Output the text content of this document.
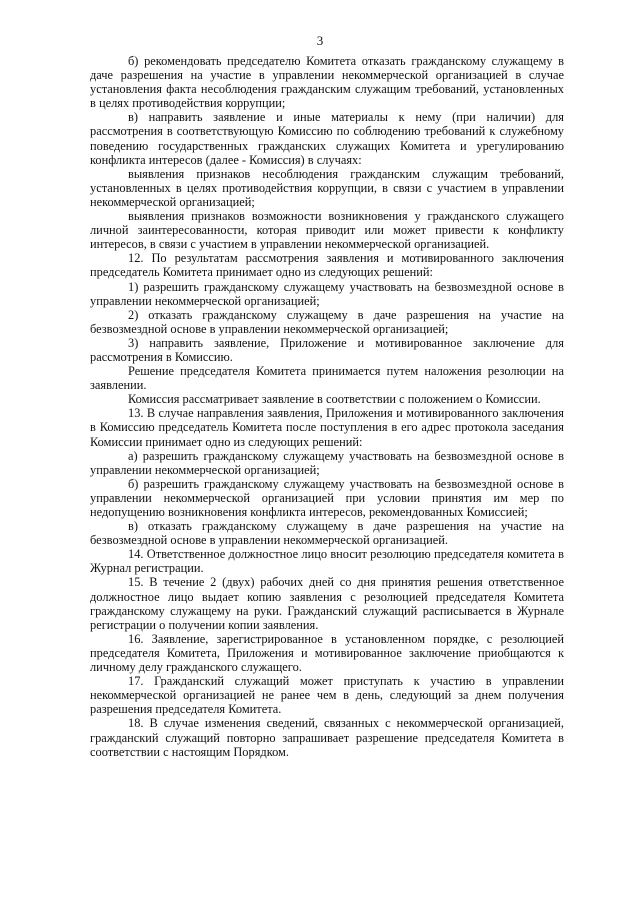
3

б) рекомендовать председателю Комитета отказать гражданскому служащему в даче разрешения на участие в управлении некоммерческой организацией в случае установления факта несоблюдения гражданским служащим требований, установленных в целях противодействия коррупции;

в) направить заявление и иные материалы к нему (при наличии) для рассмотрения в соответствующую Комиссию по соблюдению требований к служебному поведению государственных гражданских служащих Комитета и урегулированию конфликта интересов (далее - Комиссия) в случаях:

выявления признаков несоблюдения гражданским служащим требований, установленных в целях противодействия коррупции, в связи с участием в управлении некоммерческой организацией;

выявления признаков возможности возникновения у гражданского служащего личной заинтересованности, которая приводит или может привести к конфликту интересов, в связи с участием в управлении некоммерческой организацией.

12. По результатам рассмотрения заявления и мотивированного заключения председатель Комитета принимает одно из следующих решений:

1) разрешить гражданскому служащему участвовать на безвозмездной основе в управлении некоммерческой организацией;

2) отказать гражданскому служащему в даче разрешения на участие на безвозмездной основе в управлении некоммерческой организацией;

3) направить заявление, Приложение и мотивированное заключение для рассмотрения в Комиссию.

Решение председателя Комитета принимается путем наложения резолюции на заявлении.

Комиссия рассматривает заявление в соответствии с положением о Комиссии.

13. В случае направления заявления, Приложения и мотивированного заключения в Комиссию председатель Комитета после поступления в его адрес протокола заседания Комиссии принимает одно из следующих решений:

а) разрешить гражданскому служащему участвовать на безвозмездной основе в управлении некоммерческой организацией;

б) разрешить гражданскому служащему участвовать на безвозмездной основе в управлении некоммерческой организацией при условии принятия им мер по недопущению возникновения конфликта интересов, рекомендованных Комиссией;

в) отказать гражданскому служащему в даче разрешения на участие на безвозмездной основе в управлении некоммерческой организацией.

14. Ответственное должностное лицо вносит резолюцию председателя комитета в Журнал регистрации.

15. В течение 2 (двух) рабочих дней со дня принятия решения ответственное должностное лицо выдает копию заявления с резолюцией председателя Комитета гражданскому служащему на руки. Гражданский служащий расписывается в Журнале регистрации о получении копии заявления.

16. Заявление, зарегистрированное в установленном порядке, с резолюцией председателя Комитета, Приложения и мотивированное заключение приобщаются к личному делу гражданского служащего.

17. Гражданский служащий может приступать к участию в управлении некоммерческой организацией не ранее чем в день, следующий за днем получения разрешения председателя Комитета.

18. В случае изменения сведений, связанных с некоммерческой организацией, гражданский служащий повторно запрашивает разрешение председателя Комитета в соответствии с настоящим Порядком.
